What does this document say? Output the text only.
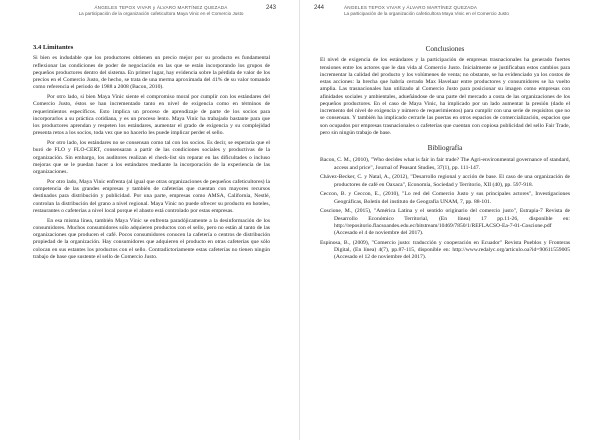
ÁNGELES TEPOX VIVAR y ÁLVARO MARTÍNEZ QUEZADA
La participación de la organización cafeticultora Maya Vinic en el Comercio Justo
243
3.4 Limitantes

Si bien es indudable que los productores obtienen un precio mejor por su producto es fundamental reflexionar las condiciones de poder de negociación en las que se están incorporando los grupos de pequeños productores dentro del sistema. En primer lugar, hay evidencia sobre la pérdida de valor de los precios en el Comercio Justo, de hecho, se trata de una merma aproximada del 41% de su valor tomando como referencia el periodo de 1988 a 2008 (Bacon, 2010).

Por otro lado, si bien Maya Vinic siente el compromiso moral por cumplir con los estándares del Comercio Justo, éstos se han incrementado tanto en nivel de exigencia como en términos de requerimientos específicos. Esto implica un proceso de aprendizaje de parte de los socios para incorporarlos a su práctica cotidiana, y es un proceso lento. Maya Vinic ha trabajado bastante para que los productores aprendan y respeten los estándares, aumentar el grado de exigencia y su complejidad presenta retos a los socios, toda vez que no hacerlo les puede implicar perder el sello.

Por otro lado, los estándares no se consensan como tal con los socios. Es decir, se esperaría que el buró de FLO y FLO-CERT, consensaran a partir de las condiciones sociales y productivas de la organización. Sin embargo, los auditores realizan el check-list sin reparar en las dificultades o incluso mejoras que se le puedan hacer a los estándares mediante la incorporación de la experiencia de las organizaciones.

Por otro lado, Maya Vinic enfrenta (al igual que otras organizaciones de pequeños cafeticultores) la competencia de las grandes empresas y también de cafeterías que cuentan con mayores recursos destinados para distribución y publicidad. Por una parte, empresas como AMSA, California, Nestlé, controlan la distribución del grano a nivel regional. Maya Vinic no puede ofrecer su producto en hoteles, restaurantes o cafeterías a nivel local porque el abasto está controlado por estas empresas.

En esa misma línea, también Maya Vinic se enfrenta paradójicamente a la desinformación de los consumidores. Muchos consumidores sólo adquieren productos con el sello, pero no están al tanto de las organizaciones que producen el café. Pocos consumidores conocen la cafetería o centros de distribución propiedad de la organización. Hay consumidores que adquieren el producto en otras cafeterías que sólo colocan en sus estantes los productos con el sello. Contradictoriamente estas cafeterías no tienen ningún trabajo de base que sustente el sello de Comercio Justo.

244	ÁNGELES TEPOX VIVAR y ÁLVARO MARTÍNEZ QUEZADA
La participación de la organización cafeticultora Maya Vinic en el Comercio Justo
Conclusiones

El nivel de exigencia de los estándares y la participación de empresas trasnacionales ha generado fuertes tensiones entre los actores que le dan vida al Comercio Justo. Inicialmente se justificaban estos cambios para incrementar la calidad del producto y los volúmenes de venta; no obstante, se ha evidenciado ya los costos de estas acciones: la brecha que habría cerrado Max Havelaar entre productores y consumidores se ha vuelto amplia. Las trasnacionales han utilizado al Comercio Justo para posicionar su imagen como empresas con afinidades sociales y ambientales, adueñándose de una parte del mercado a costa de las organizaciones de los pequeños productores. En el caso de Maya Vinic, ha implicado por un lado aumentar la presión (dado el incremento del nivel de exigencia y número de requerimientos) para cumplir con una serie de requisitos que no se consensan. Y también ha implicado cerrarle las puertas en otros espacios de comercialización, espacios que son ocupados por empresas trasnacionales o cafeterías que cuentan con copiosa publicidad del sello Fair Trade, pero sin ningún trabajo de base.

Bibliografía
Bacon, C. M., (2010), "Who decides what is fair in fair trade? The Agri-environmental governance of standard, access and price", Journal of Peasant Studies, 37(1), pp. 111-147.
Chávez-Becker, C. y Natal, A., (2012), "Desarrollo regional y acción de base. El caso de una organización de productores de café en Oaxaca", Economía, Sociedad y Territorio, XII (40), pp. 597-918.
Ceccon, B. y Ceccon, E., (2010), "Lo red del Comercio Justo y sus principales actores", Investigaciones Geográficas, Boletín del instituto de Geografía UNAM, 7, pp. 88-101.
Coscione, M., (2015), "América Latina y el sentido originario del comercio justo", Estrapia-7 Revista de Desarrollo Económico Territorial, (En línea) 17 pp.11-26, disponible en: http://repositorio.flacsoandes.edu.ec/bitstream/10469/7850/1/REFLACSO-Ea-7-01-Coscione.pdf (Accesado el 4 de noviembre del 2017).
Espinosa, B., (2009), "Comercio justo: traducción y cooperación en Ecuador" Revista Pueblos y Fronteras Digital, (En línea) 4(7), pp.87-115, disponible en: http://www.redalyc.org/articulo.oa?id=90611559005 (Accesado el 12 de noviembre del 2017).
